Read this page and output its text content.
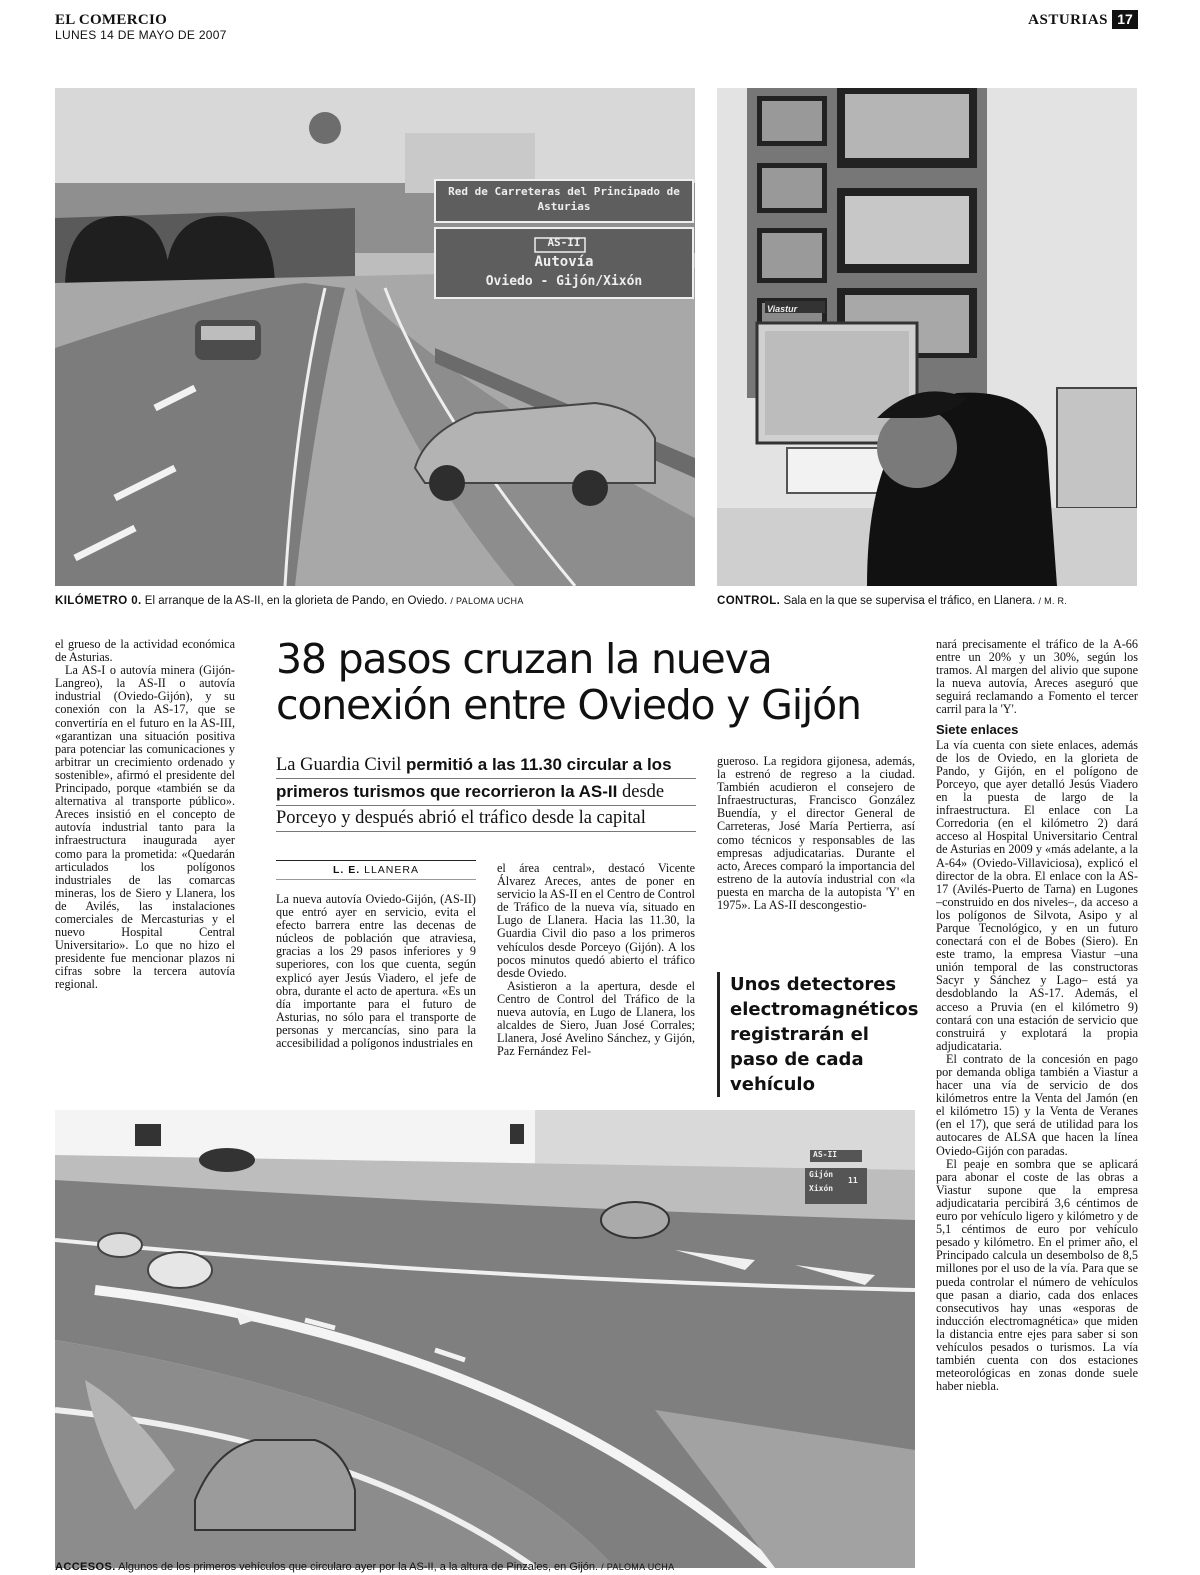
EL COMERCIO
LUNES 14 DE MAYO DE 2007
ASTURIAS 17
Red de Carreteras del Principado de Asturias
AS-II
Autovía
Oviedo - Gijón/Xixón
KILÓMETRO 0. El arranque de la AS-II, en la glorieta de Pando, en Oviedo. / PALOMA UCHA
Viastur
CONTROL. Sala en la que se supervisa el tráfico, en Llanera. / M. R.
38 pasos cruzan la nueva
conexión entre Oviedo y Gijón
La Guardia Civil permitió a las 11.30 circular a los
primeros turismos que recorrieron la AS-II desde
Porceyo y después abrió el tráfico desde la capital
L. E. LLANERA

el grueso de la actividad económica de Asturias.

La AS-I o autovía minera (Gijón-Langreo), la AS-II o autovía industrial (Oviedo-Gijón), y su conexión con la AS-17, que se convertiría en el futuro en la AS-III, «garantizan una situación positiva para potenciar las comunicaciones y arbitrar un crecimiento ordenado y sostenible», afirmó el presidente del Principado, porque «también se da alternativa al transporte público». Areces insistió en el concepto de autovía industrial tanto para la infraestructura inaugurada ayer como para la prometida: «Quedarán articulados los polígonos industriales de las comarcas mineras, los de Siero y Llanera, los de Avilés, las instalaciones comerciales de Mercasturias y el nuevo Hospital Central Universitario». Lo que no hizo el presidente fue mencionar plazos ni cifras sobre la tercera autovía regional.

La nueva autovía Oviedo-Gijón, (AS-II) que entró ayer en servicio, evita el efecto barrera entre las decenas de núcleos de población que atraviesa, gracias a los 29 pasos inferiores y 9 superiores, con los que cuenta, según explicó ayer Jesús Viadero, el jefe de obra, durante el acto de apertura. «Es un día importante para el futuro de Asturias, no sólo para el transporte de personas y mercancías, sino para la accesibilidad a polígonos industriales en

el área central», destacó Vicente Álvarez Areces, antes de poner en servicio la AS-II en el Centro de Control de Tráfico de la nueva vía, situado en Lugo de Llanera. Hacia las 11.30, la Guardia Civil dio paso a los primeros vehículos desde Porceyo (Gijón). A los pocos minutos quedó abierto el tráfico desde Oviedo.

Asistieron a la apertura, desde el Centro de Control del Tráfico de la nueva autovía, en Lugo de Llanera, los alcaldes de Siero, Juan José Corrales; Llanera, José Avelino Sánchez, y Gijón, Paz Fernández Fel-

gueroso. La regidora gijonesa, además, la estrenó de regreso a la ciudad. También acudieron el consejero de Infraestructuras, Francisco González Buendía, y el director General de Carreteras, José María Pertierra, así como técnicos y responsables de las empresas adjudicatarias. Durante el acto, Areces comparó la importancia del estreno de la autovía industrial con «la puesta en marcha de la autopista 'Y' en 1975». La AS-II descongestio-

Unos detectores electromagnéticos registrarán el paso de cada vehículo

nará precisamente el tráfico de la A-66 entre un 20% y un 30%, según los tramos. Al margen del alivio que supone la nueva autovía, Areces aseguró que seguirá reclamando a Fomento el tercer carril para la 'Y'.

Siete enlaces

La vía cuenta con siete enlaces, además de los de Oviedo, en la glorieta de Pando, y Gijón, en el polígono de Porceyo, que ayer detalló Jesús Viadero en la puesta de largo de la infraestructura. El enlace con La Corredoria (en el kilómetro 2) dará acceso al Hospital Universitario Central de Asturias en 2009 y «más adelante, a la A-64» (Oviedo-Villaviciosa), explicó el director de la obra. El enlace con la AS-17 (Avilés-Puerto de Tarna) en Lugones –construido en dos niveles–, da acceso a los polígonos de Silvota, Asipo y al Parque Tecnológico, y en un futuro conectará con el de Bobes (Siero). En este tramo, la empresa Viastur –una unión temporal de las constructoras Sacyr y Sánchez y Lago– está ya desdoblando la AS-17. Además, el acceso a Pruvia (en el kilómetro 9) contará con una estación de servicio que construirá y explotará la propia adjudicataria.

El contrato de la concesión en pago por demanda obliga también a Viastur a hacer una vía de servicio de dos kilómetros entre la Venta del Jamón (en el kilómetro 15) y la Venta de Veranes (en el 17), que será de utilidad para los autocares de ALSA que hacen la línea Oviedo-Gijón con paradas.

El peaje en sombra que se aplicará para abonar el coste de las obras a Viastur supone que la empresa adjudicataria percibirá 3,6 céntimos de euro por vehículo ligero y kilómetro y de 5,1 céntimos de euro por vehículo pesado y kilómetro. En el primer año, el Principado calcula un desembolso de 8,5 millones por el uso de la vía. Para que se pueda controlar el número de vehículos que pasan a diario, cada dos enlaces consecutivos hay unas «esporas de inducción electromagnética» que miden la distancia entre ejes para saber si son vehículos pesados o turismos. La vía también cuenta con dos estaciones meteorológicas en zonas donde suele haber niebla.

AS-II
Gijón
Xixón
11
ACCESOS. Algunos de los primeros vehículos que circularo ayer por la AS-II, a la altura de Pinzales, en Gijón. / PALOMA UCHA
